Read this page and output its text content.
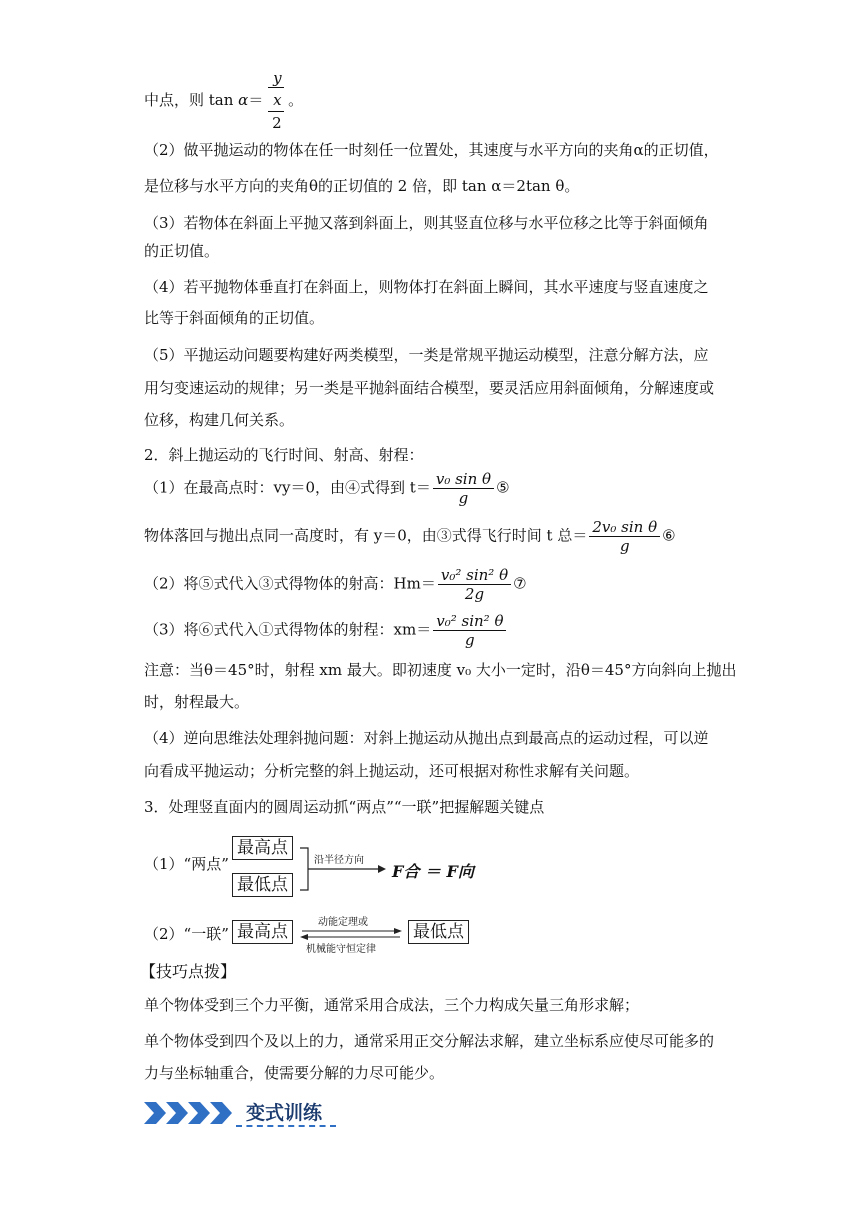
中点，则 tan α＝
y
x
2
。
（2）做平抛运动的物体在任一时刻任一位置处，其速度与水平方向的夹角α的正切值，
是位移与水平方向的夹角θ的正切值的 2 倍，即 tan α＝2tan θ。
（3）若物体在斜面上平抛又落到斜面上，则其竖直位移与水平位移之比等于斜面倾角
的正切值。
（4）若平抛物体垂直打在斜面上，则物体打在斜面上瞬间，其水平速度与竖直速度之
比等于斜面倾角的正切值。
（5）平抛运动问题要构建好两类模型，一类是常规平抛运动模型，注意分解方法，应
用匀变速运动的规律；另一类是平抛斜面结合模型，要灵活应用斜面倾角，分解速度或
位移，构建几何关系。
2．斜上抛运动的飞行时间、射高、射程：
（1）在最高点时：vy＝0，由④式得到 $t= \frac{\text{v₀ sin θ}}{g}$ ⑤
物体落回与抛出点同一高度时，有 y＝0，由③式得飞行时间 t 总＝ $\frac{\text{2v₀ sin θ}}{g}$ ⑥
（2）将⑤式代入③式得物体的射高：$Hm= \frac{\text{v₀² sin² θ}}{2g}$ ⑦
（3）将⑥式代入①式得物体的射程：$xm= \frac{\text{v₀² sin² θ}}{g}$
注意：当θ＝45°时，射程 xm 最大。即初速度 v₀ 大小一定时，沿θ＝45°方向斜向上抛出
时，射程最大。
（4）逆向思维法处理斜抛问题：对斜上抛运动从抛出点到最高点的运动过程，可以逆
向看成平抛运动；分析完整的斜上抛运动，还可根据对称性求解有关问题。
3．处理竖直面内的圆周运动抓“两点”“一联”把握解题关键点
（1）“两点”
最高点
最低点
沿半径方向
F合 ＝ F向
（2）“一联” 最高点	最低点
动能定理或
机械能守恒定律
【技巧点拨】
单个物体受到三个力平衡，通常采用合成法，三个力构成矢量三角形求解；
单个物体受到四个及以上的力，通常采用正交分解法求解，建立坐标系应使尽可能多的
力与坐标轴重合，使需要分解的力尽可能少。
变式训练
